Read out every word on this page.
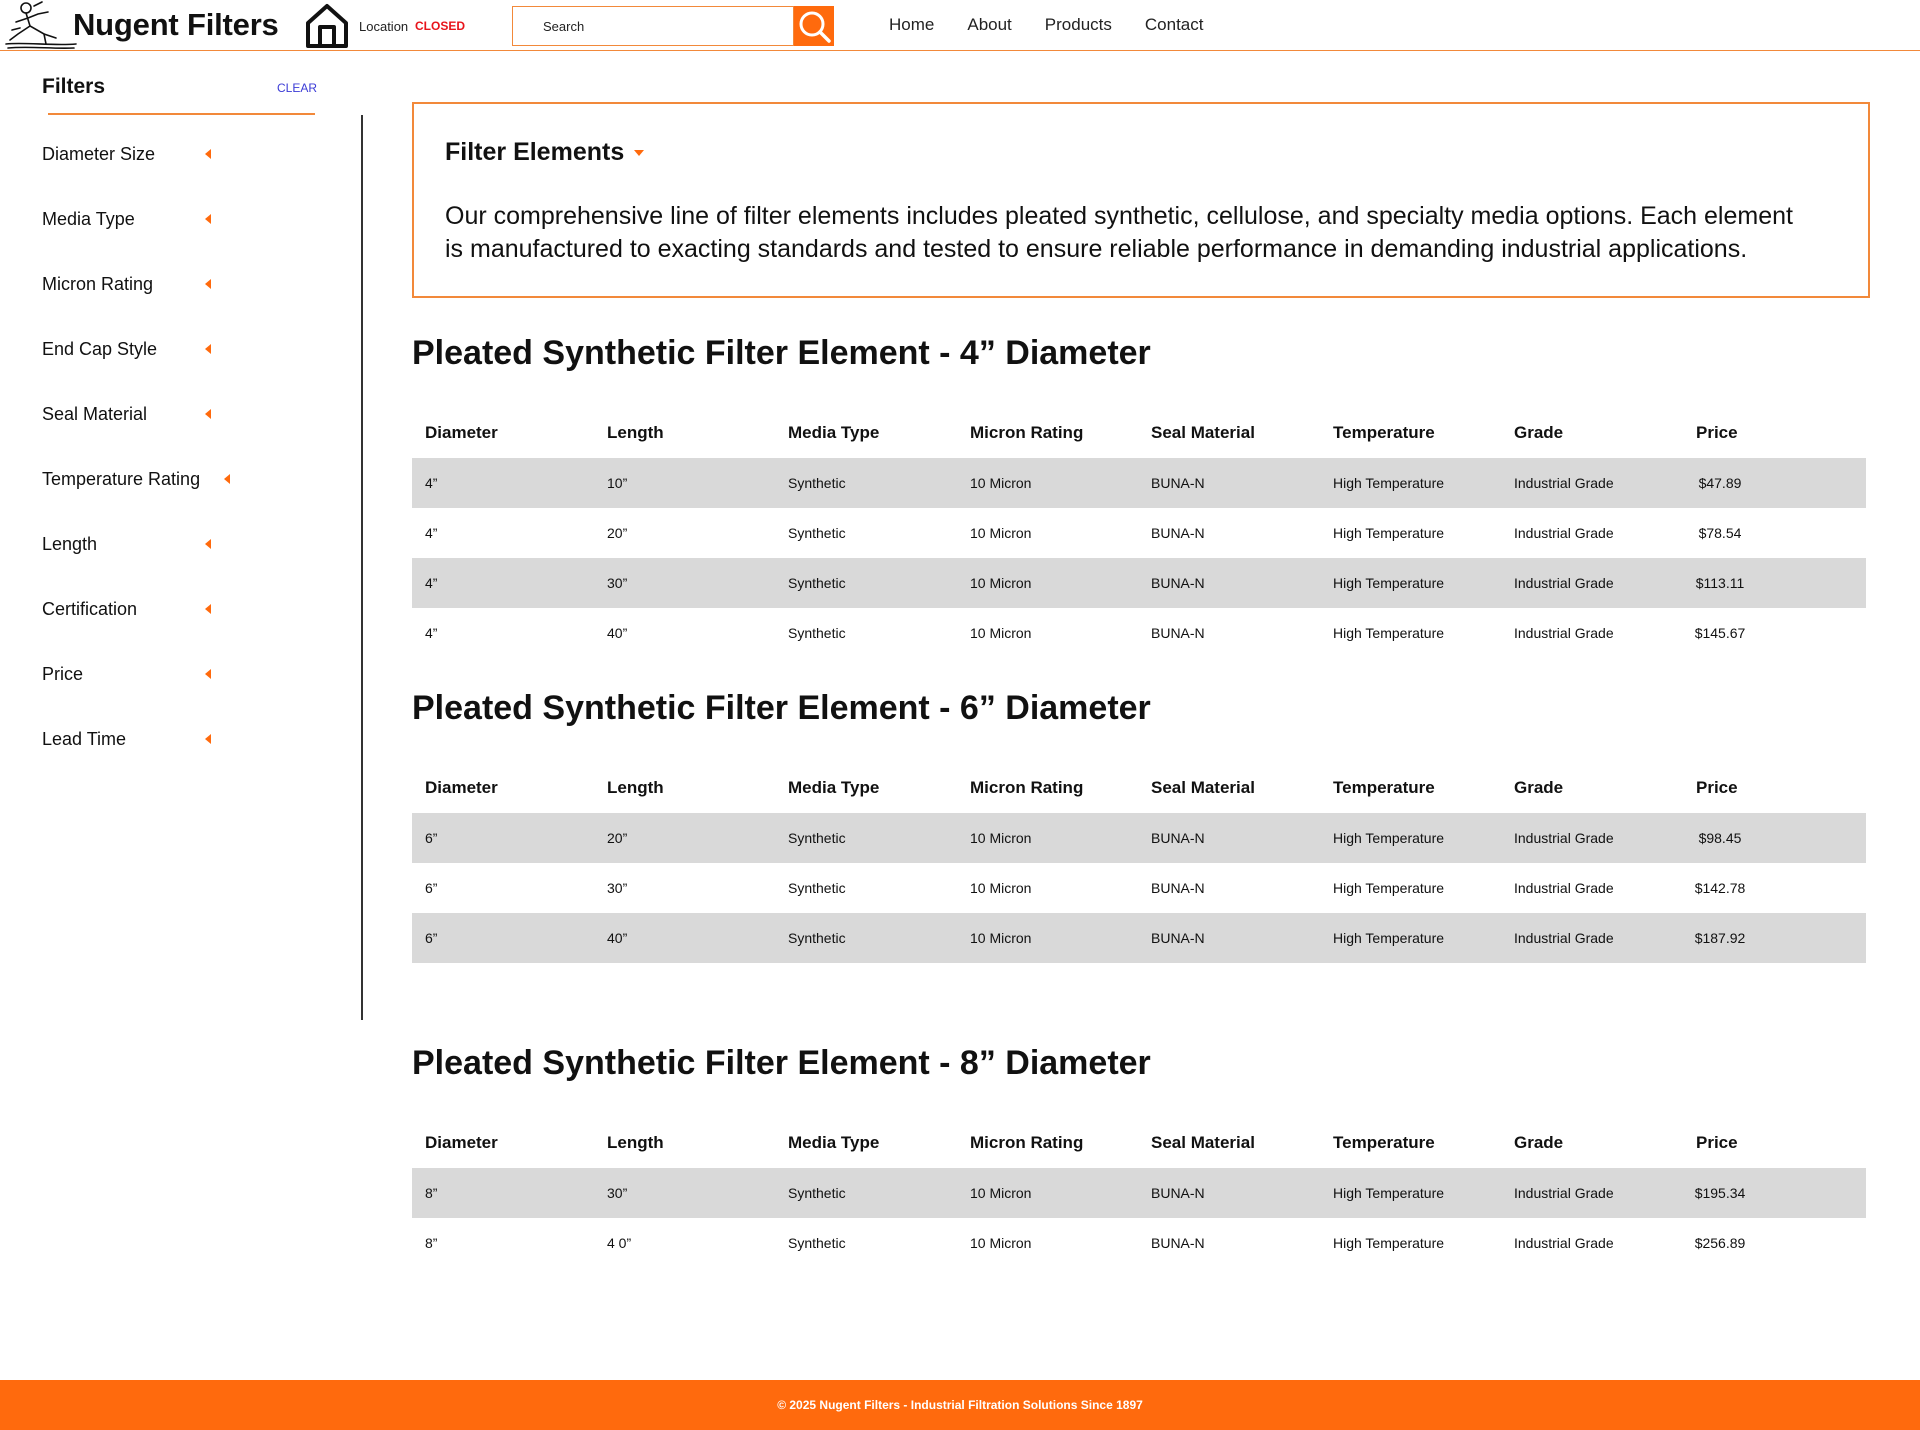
Nugent Filters	Location CLOSED
Search	Home About Products Contact
Filters	CLEAR
Diameter Size
Media Type
Micron Rating
End Cap Style
Seal Material
Temperature Rating
Length
Certification
Price
Lead Time
Filter Elements
Our comprehensive line of filter elements includes pleated synthetic, cellulose, and specialty media options. Each element
is manufactured to exacting standards and tested to ensure reliable performance in demanding industrial applications.
Pleated Synthetic Filter Element - 4” Diameter
Diameter	Length	Media Type	Micron Rating	Seal Material	Temperature	Grade	Price
4”	10”	Synthetic	10 Micron	BUNA-N	High Temperature	Industrial Grade	$47.89
4”	20”	Synthetic	10 Micron	BUNA-N	High Temperature	Industrial Grade	$78.54
4”	30”	Synthetic	10 Micron	BUNA-N	High Temperature	Industrial Grade	$113.11
4”	40”	Synthetic	10 Micron	BUNA-N	High Temperature	Industrial Grade	$145.67
Pleated Synthetic Filter Element - 6” Diameter
Diameter	Length	Media Type	Micron Rating	Seal Material	Temperature	Grade	Price
6”	20”	Synthetic	10 Micron	BUNA-N	High Temperature	Industrial Grade	$98.45
6”	30”	Synthetic	10 Micron	BUNA-N	High Temperature	Industrial Grade	$142.78
6”	40”	Synthetic	10 Micron	BUNA-N	High Temperature	Industrial Grade	$187.92
Pleated Synthetic Filter Element - 8” Diameter
Diameter	Length	Media Type	Micron Rating	Seal Material	Temperature	Grade	Price
8”	30”	Synthetic	10 Micron	BUNA-N	High Temperature	Industrial Grade	$195.34
8”	4 0”	Synthetic	10 Micron	BUNA-N	High Temperature	Industrial Grade	$256.89
© 2025 Nugent Filters - Industrial Filtration Solutions Since 1897
